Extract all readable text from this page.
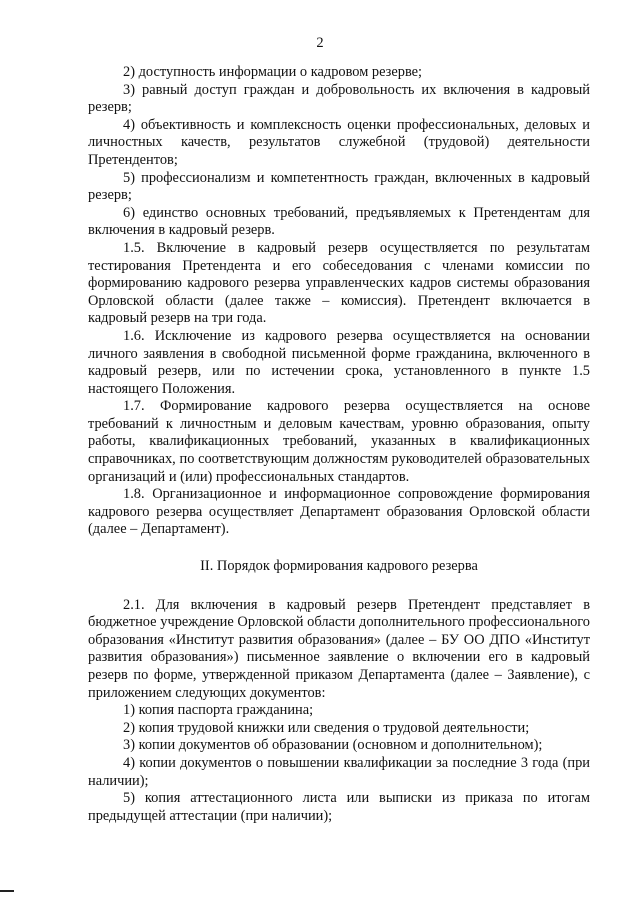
2

2) доступность информации о кадровом резерве;

3) равный доступ граждан и добровольность их включения в кадровый резерв;

4) объективность и комплексность оценки профессиональных, деловых и личностных качеств, результатов служебной (трудовой) деятельности Претендентов;

5) профессионализм и компетентность граждан, включенных в кадровый резерв;

6) единство основных требований, предъявляемых к Претендентам для включения в кадровый резерв.

1.5. Включение в кадровый резерв осуществляется по результатам тестирования Претендента и его собеседования с членами комиссии по формированию кадрового резерва управленческих кадров системы образования Орловской области (далее также – комиссия). Претендент включается в кадровый резерв на три года.

1.6. Исключение из кадрового резерва осуществляется на основании личного заявления в свободной письменной форме гражданина, включенного в кадровый резерв, или по истечении срока, установленного в пункте 1.5 настоящего Положения.

1.7. Формирование кадрового резерва осуществляется на основе требований к личностным и деловым качествам, уровню образования, опыту работы, квалификационных требований, указанных в квалификационных справочниках, по соответствующим должностям руководителей образовательных организаций и (или) профессиональных стандартов.

1.8. Организационное и информационное сопровождение формирования кадрового резерва осуществляет Департамент образования Орловской области (далее – Департамент).

II. Порядок формирования кадрового резерва

2.1. Для включения в кадровый резерв Претендент представляет в бюджетное учреждение Орловской области дополнительного профессионального образования «Институт развития образования» (далее – БУ ОО ДПО «Институт развития образования») письменное заявление о включении его в кадровый резерв по форме, утвержденной приказом Департамента (далее – Заявление), с приложением следующих документов:

1) копия паспорта гражданина;

2) копия трудовой книжки или сведения о трудовой деятельности;

3) копии документов об образовании (основном и дополнительном);

4) копии документов о повышении квалификации за последние 3 года (при наличии);

5) копия аттестационного листа или выписки из приказа по итогам предыдущей аттестации (при наличии);
